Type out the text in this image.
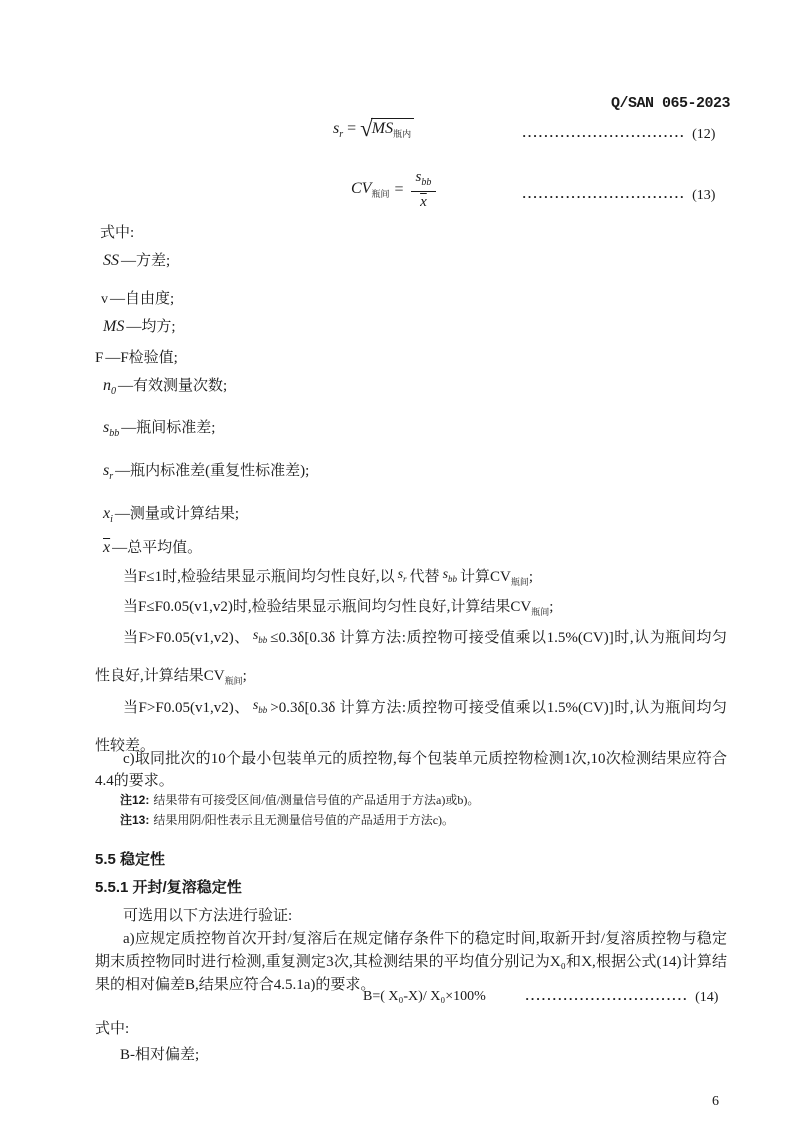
Q/SAN 065-2023
$s_r = √MS_{瓶内}$	······························ (12)
$CV_{瓶间} = \frac{s_{bb}}{x}$	······························ (13)
式中:
SS —方差;
v —自由度;
MS —均方;
F —F检验值;
$n_0$ —有效测量次数;
$s_{bb}$ —瓶间标准差;
$s_r$ —瓶内标准差(重复性标准差);
$x_i$ —测量或计算结果;
$\overline{x}$ —总平均值。
当F≤1时,检验结果显示瓶间均匀性良好,以 $s_r$ 代替 $s_{bb}$ 计算$CV_{瓶间}$;
当F≤F0.05(v1,v2)时,检验结果显示瓶间均匀性良好,计算结果$CV_{瓶间}$;
当F>F0.05(v1,v2)、 $s_{bb} \le 0.3\delta[0.3\delta$ 计算方法:质控物可接受值乘以1.5%(CV)]时,认为瓶间均匀性良好,计算结果$CV_{瓶间}$;
当F>F0.05(v1,v2)、 $s_{bb} >0.3\delta[0.3\delta$ 计算方法:质控物可接受值乘以1.5%(CV)]时,认为瓶间均匀性较差。
c)取同批次的10个最小包装单元的质控物,每个包装单元质控物检测1次,10次检测结果应符合4.4的要求。
注12: 结果带有可接受区间/值/测量信号值的产品适用于方法a)或b)。
注13: 结果用阴/阳性表示且无测量信号值的产品适用于方法c)。
5.5 稳定性
5.5.1 开封/复溶稳定性
可选用以下方法进行验证:
a)应规定质控物首次开封/复溶后在规定储存条件下的稳定时间,取新开封/复溶质控物与稳定期末质控物同时进行检测,重复测定3次,其检测结果的平均值分别记为X₀和X,根据公式(14)计算结果的相对偏差B,结果应符合4.5.1a)的要求。
B=( X₀-X)/ X₀×100%	······························ (14)
式中:
B-相对偏差;
6
